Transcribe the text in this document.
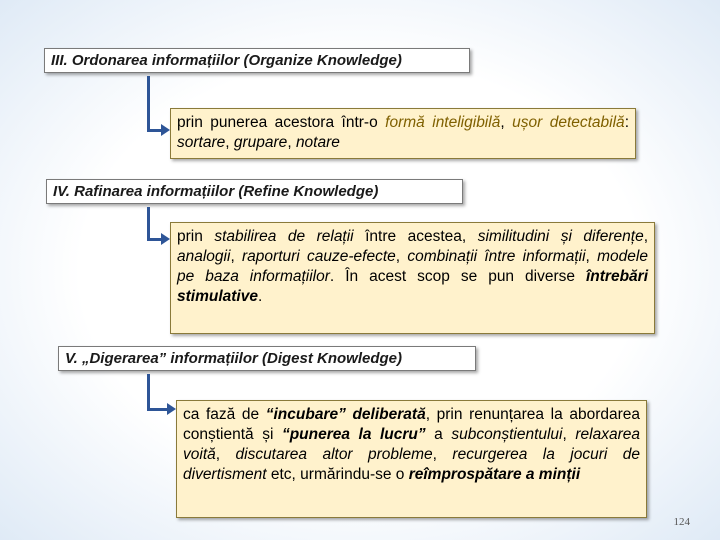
III. Ordonarea informațiilor (Organize Knowledge)
prin punerea acestora într-o formă inteligibilă, ușor detectabilă: sortare, grupare, notare
IV. Rafinarea informațiilor (Refine Knowledge)
prin stabilirea de relații între acestea, similitudini și diferențe, analogii, raporturi cauze-efecte, combinații între informații, modele pe baza informațiilor. În acest scop se pun diverse întrebări stimulative.
V. „Digerarea” informațiilor (Digest Knowledge)
ca fază de “incubare” deliberată, prin renunțarea la abordarea conștientă și “punerea la lucru” a subconștientului, relaxarea voită, discutarea altor probleme, recurgerea la jocuri de divertisment etc, urmărindu-se o reîmprospătare a minții
124
